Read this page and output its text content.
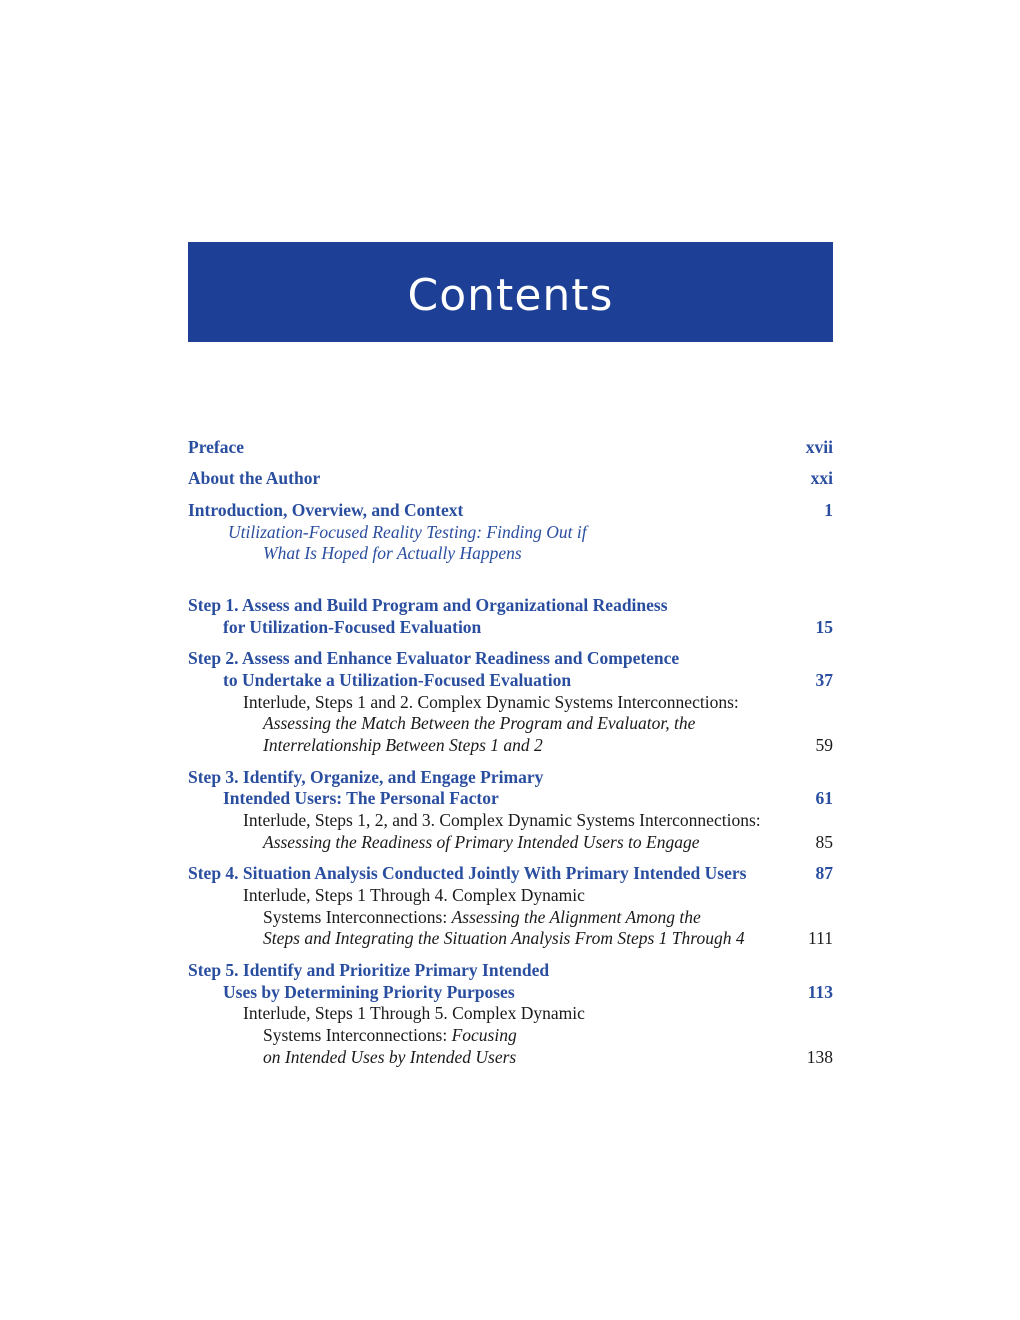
Contents
Preface	xvii
About the Author	xxi
Introduction, Overview, and Context	1
Utilization-Focused Reality Testing: Finding Out if
What Is Hoped for Actually Happens
Step 1. Assess and Build Program and Organizational Readiness
for Utilization-Focused Evaluation	15
Step 2. Assess and Enhance Evaluator Readiness and Competence
to Undertake a Utilization-Focused Evaluation	37
Interlude, Steps 1 and 2. Complex Dynamic Systems Interconnections:
Assessing the Match Between the Program and Evaluator, the
Interrelationship Between Steps 1 and 2	59
Step 3. Identify, Organize, and Engage Primary
Intended Users: The Personal Factor	61
Interlude, Steps 1, 2, and 3. Complex Dynamic Systems Interconnections:
Assessing the Readiness of Primary Intended Users to Engage	85
Step 4. Situation Analysis Conducted Jointly With Primary Intended Users	87
Interlude, Steps 1 Through 4. Complex Dynamic
Systems Interconnections: Assessing the Alignment Among the
Steps and Integrating the Situation Analysis From Steps 1 Through 4	111
Step 5. Identify and Prioritize Primary Intended
Uses by Determining Priority Purposes	113
Interlude, Steps 1 Through 5. Complex Dynamic
Systems Interconnections: Focusing
on Intended Uses by Intended Users	138
